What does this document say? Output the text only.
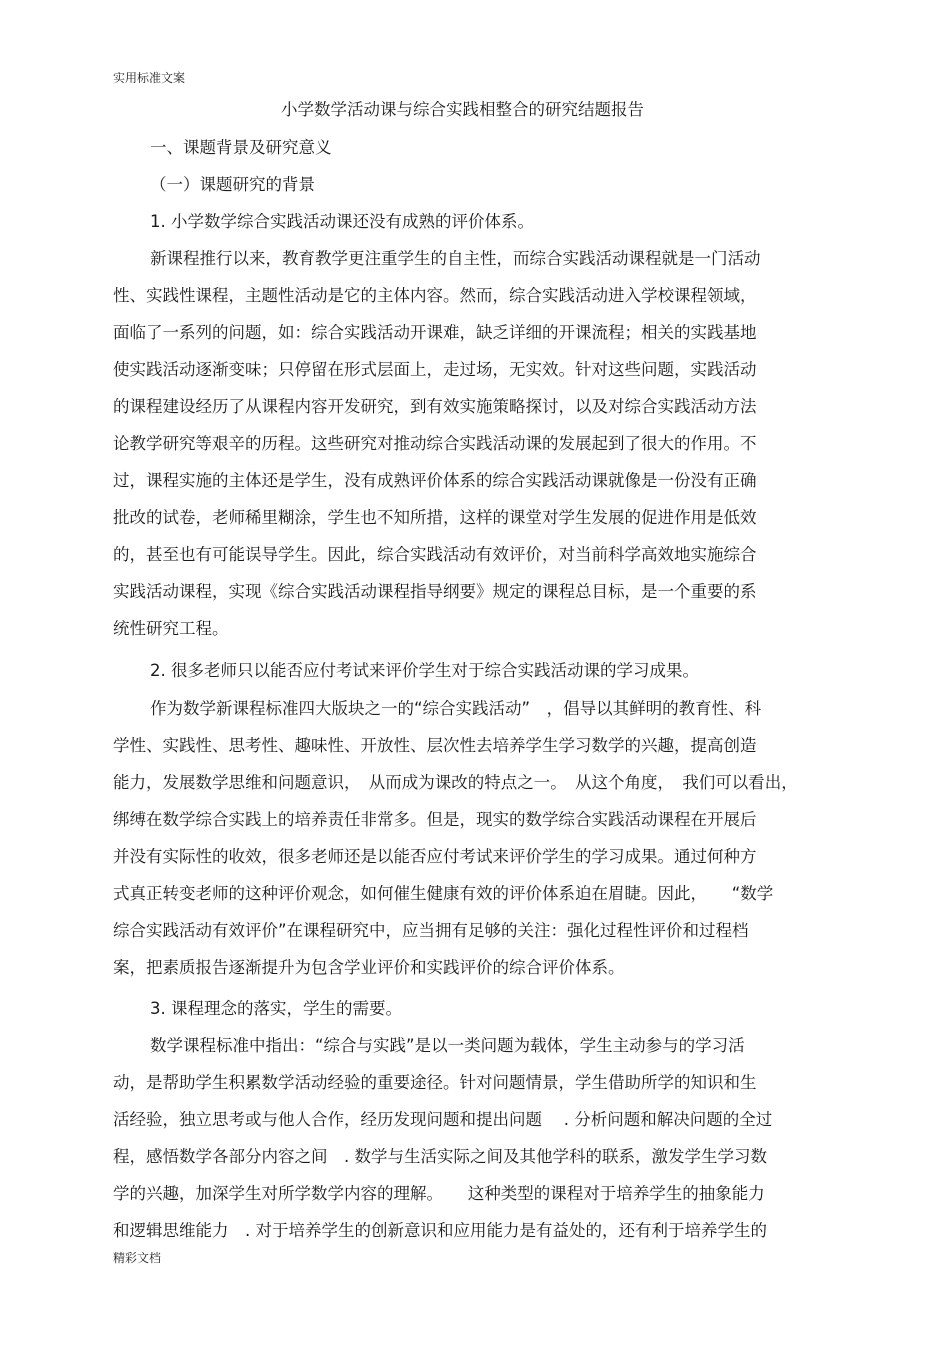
实用标准文案
小学数学活动课与综合实践相整合的研究结题报告
一、课题背景及研究意义
（一）课题研究的背景
1. 小学数学综合实践活动课还没有成熟的评价体系。
新课程推行以来，教育教学更注重学生的自主性，而综合实践活动课程就是一门活动
性、实践性课程，主题性活动是它的主体内容。然而，综合实践活动进入学校课程领域，
面临了一系列的问题，如：综合实践活动开课难，缺乏详细的开课流程；相关的实践基地
使实践活动逐渐变味；只停留在形式层面上，走过场，无实效。针对这些问题，实践活动
的课程建设经历了从课程内容开发研究，到有效实施策略探讨，以及对综合实践活动方法
论教学研究等艰辛的历程。这些研究对推动综合实践活动课的发展起到了很大的作用。不
过，课程实施的主体还是学生，没有成熟评价体系的综合实践活动课就像是一份没有正确
批改的试卷，老师稀里糊涂，学生也不知所措，这样的课堂对学生发展的促进作用是低效
的，甚至也有可能误导学生。因此，综合实践活动有效评价，对当前科学高效地实施综合
实践活动课程，实现《综合实践活动课程指导纲要》规定的课程总目标，是一个重要的系
统性研究工程。
2. 很多老师只以能否应付考试来评价学生对于综合实践活动课的学习成果。
作为数学新课程标准四大版块之一的“综合实践活动”　，倡导以其鲜明的教育性、科
学性、实践性、思考性、趣味性、开放性、层次性去培养学生学习数学的兴趣，提高创造
能力，发展数学思维和问题意识，　从而成为课改的特点之一。　从这个角度，　我们可以看出，
绑缚在数学综合实践上的培养责任非常多。但是，现实的数学综合实践活动课程在开展后
并没有实际性的收效，很多老师还是以能否应付考试来评价学生的学习成果。通过何种方
式真正转变老师的这种评价观念，如何催生健康有效的评价体系迫在眉睫。因此，　　“数学
综合实践活动有效评价”在课程研究中，应当拥有足够的关注：强化过程性评价和过程档
案，把素质报告逐渐提升为包含学业评价和实践评价的综合评价体系。
3. 课程理念的落实，学生的需要。
数学课程标准中指出：“综合与实践”是以一类问题为载体，学生主动参与的学习活
动，是帮助学生积累数学活动经验的重要途径。针对问题情景，学生借助所学的知识和生
活经验，独立思考或与他人合作，经历发现问题和提出问题　 . 分析问题和解决问题的全过
程，感悟数学各部分内容之间　. 数学与生活实际之间及其他学科的联系，激发学生学习数
学的兴趣，加深学生对所学数学内容的理解。　　这种类型的课程对于培养学生的抽象能力
和逻辑思维能力　. 对于培养学生的创新意识和应用能力是有益处的，还有利于培养学生的
精彩文档
